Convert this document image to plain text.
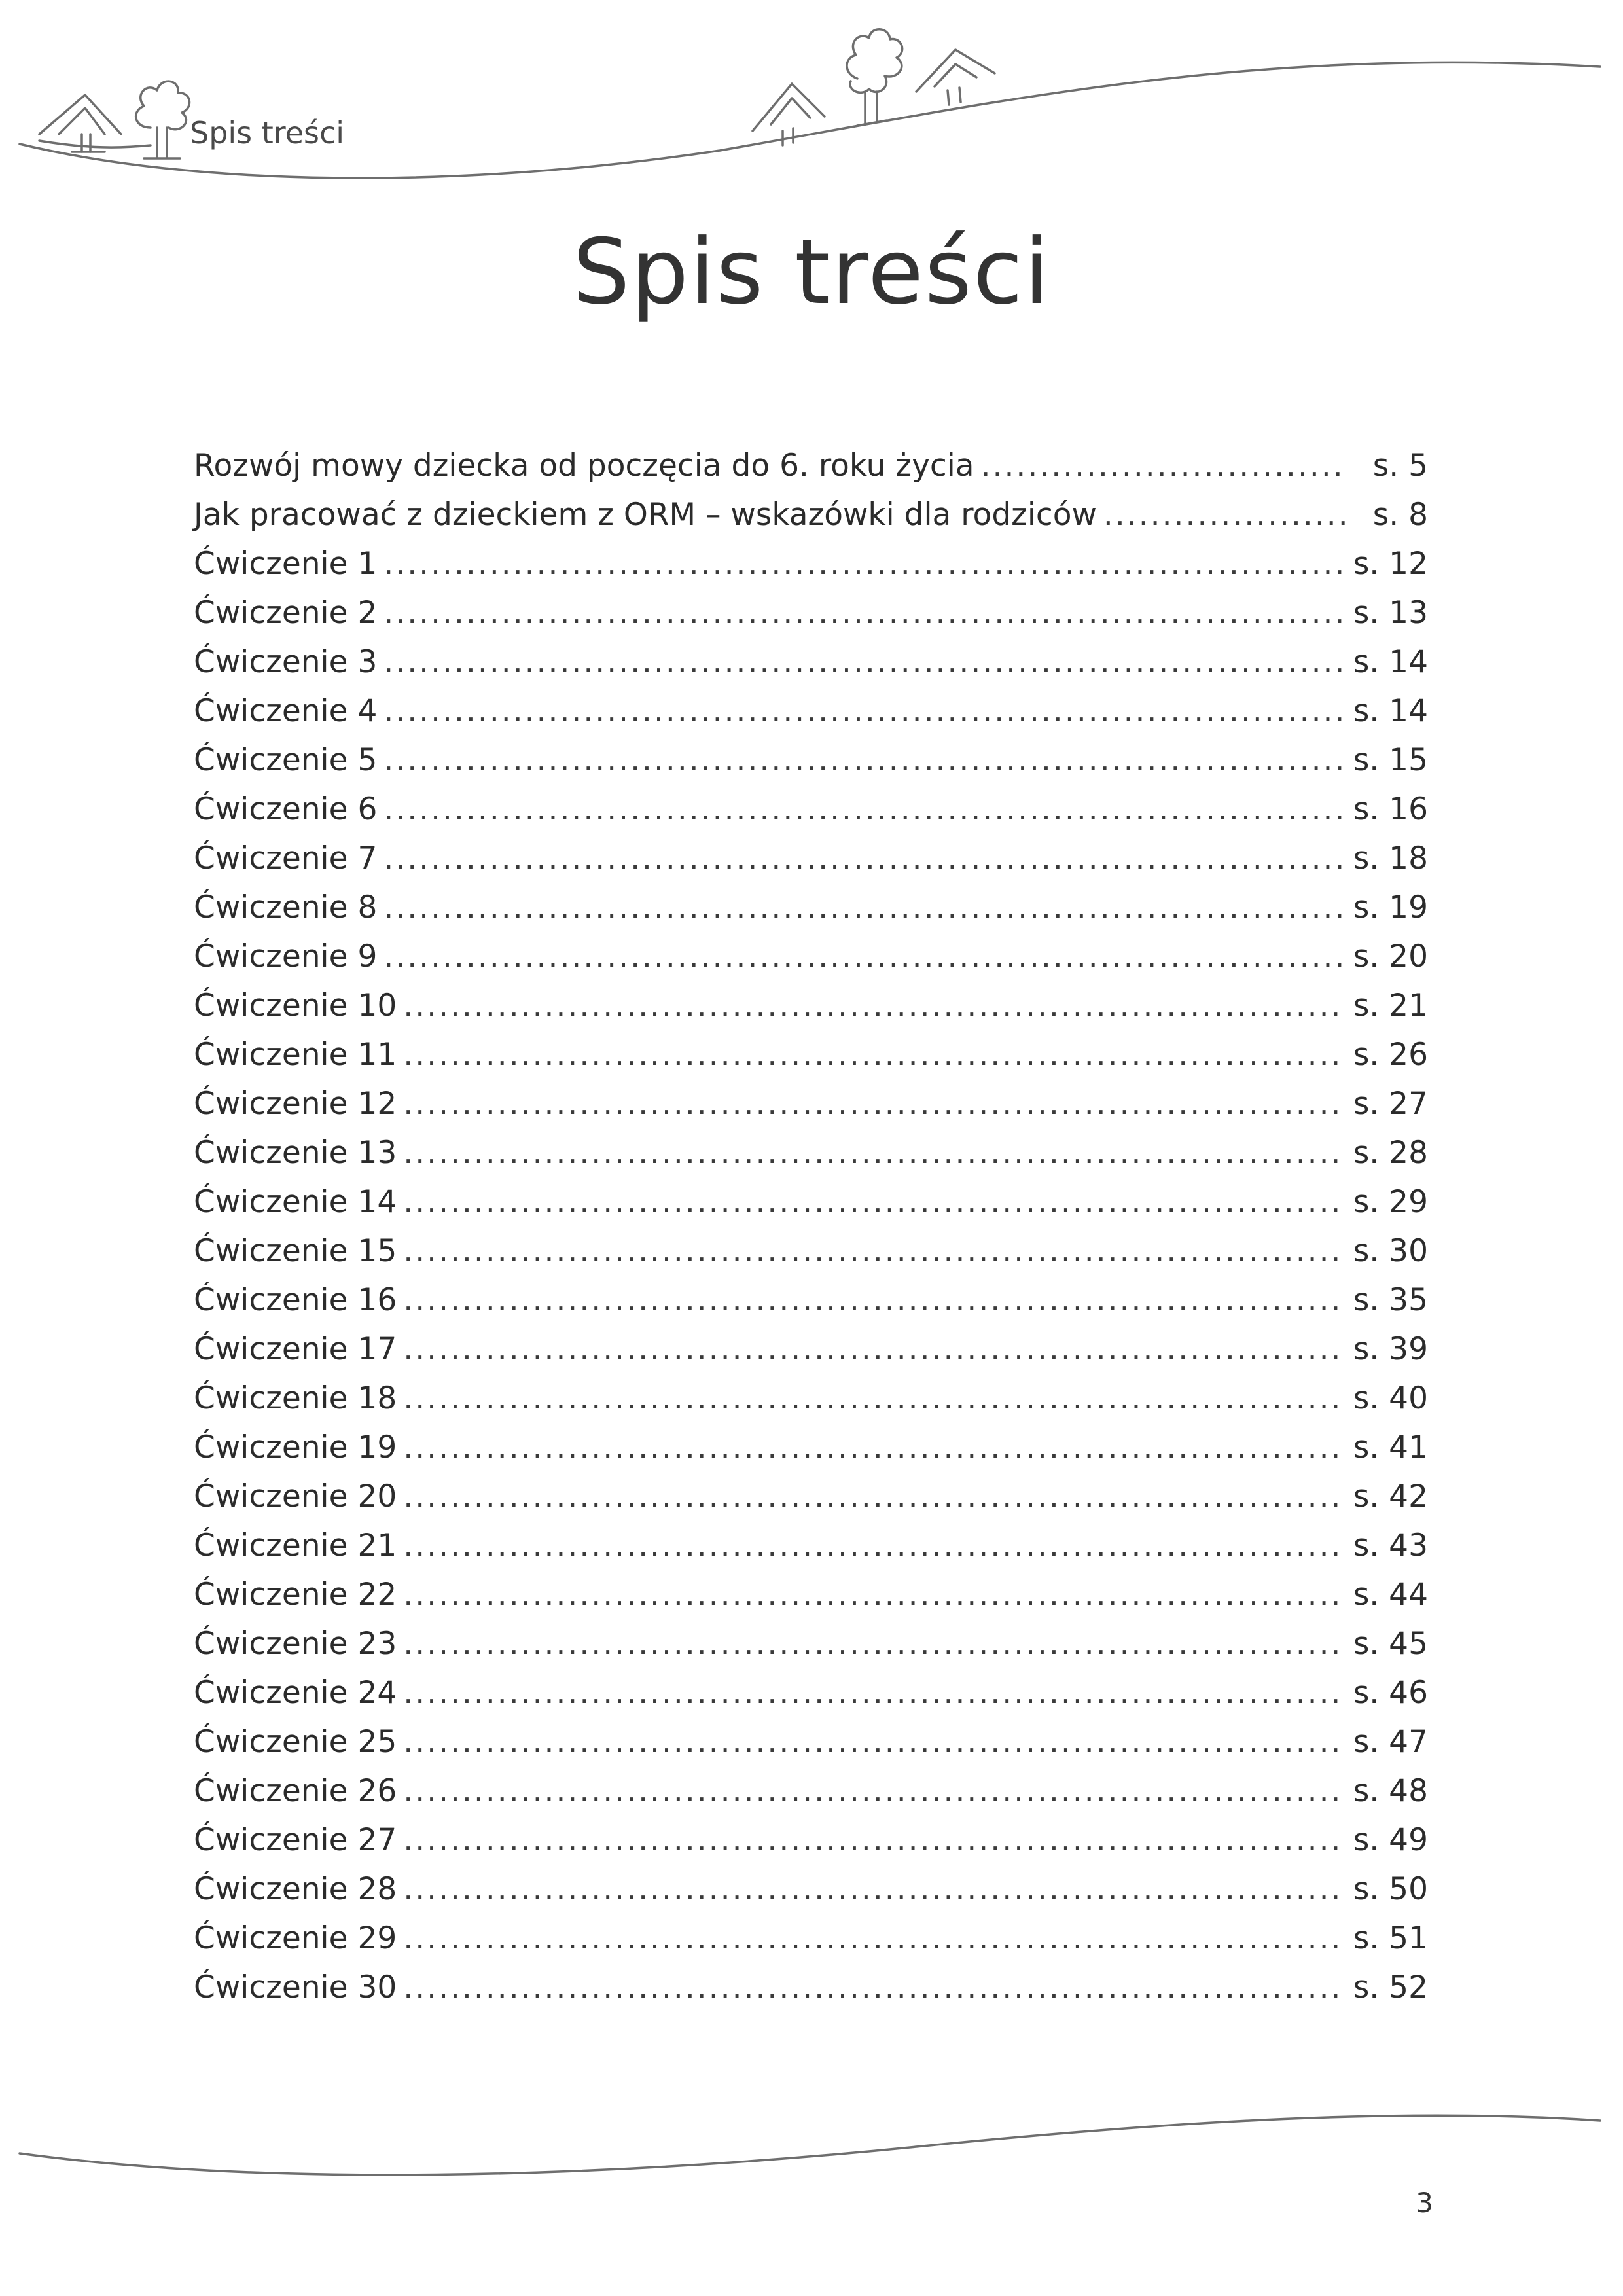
Spis treści
Spis treści
Rozwój mowy dziecka od poczęcia do 6. roku życia .....	s. 5
Jak pracować z dzieckiem z ORM – wskazówki dla rodziców .....	s. 8
Ćwiczenie 1 .....	s. 12
Ćwiczenie 2 .....	s. 13
Ćwiczenie 3 .....	s. 14
Ćwiczenie 4 .....	s. 14
Ćwiczenie 5 .....	s. 15
Ćwiczenie 6 .....	s. 16
Ćwiczenie 7 .....	s. 18
Ćwiczenie 8 .....	s. 19
Ćwiczenie 9 .....	s. 20
Ćwiczenie 10 .....	s. 21
Ćwiczenie 11 .....	s. 26
Ćwiczenie 12 .....	s. 27
Ćwiczenie 13 .....	s. 28
Ćwiczenie 14 .....	s. 29
Ćwiczenie 15 .....	s. 30
Ćwiczenie 16 .....	s. 35
Ćwiczenie 17 .....	s. 39
Ćwiczenie 18 .....	s. 40
Ćwiczenie 19 .....	s. 41
Ćwiczenie 20 .....	s. 42
Ćwiczenie 21 .....	s. 43
Ćwiczenie 22 .....	s. 44
Ćwiczenie 23 .....	s. 45
Ćwiczenie 24 .....	s. 46
Ćwiczenie 25 .....	s. 47
Ćwiczenie 26 .....	s. 48
Ćwiczenie 27 .....	s. 49
Ćwiczenie 28 .....	s. 50
Ćwiczenie 29 .....	s. 51
Ćwiczenie 30 .....	s. 52
3
